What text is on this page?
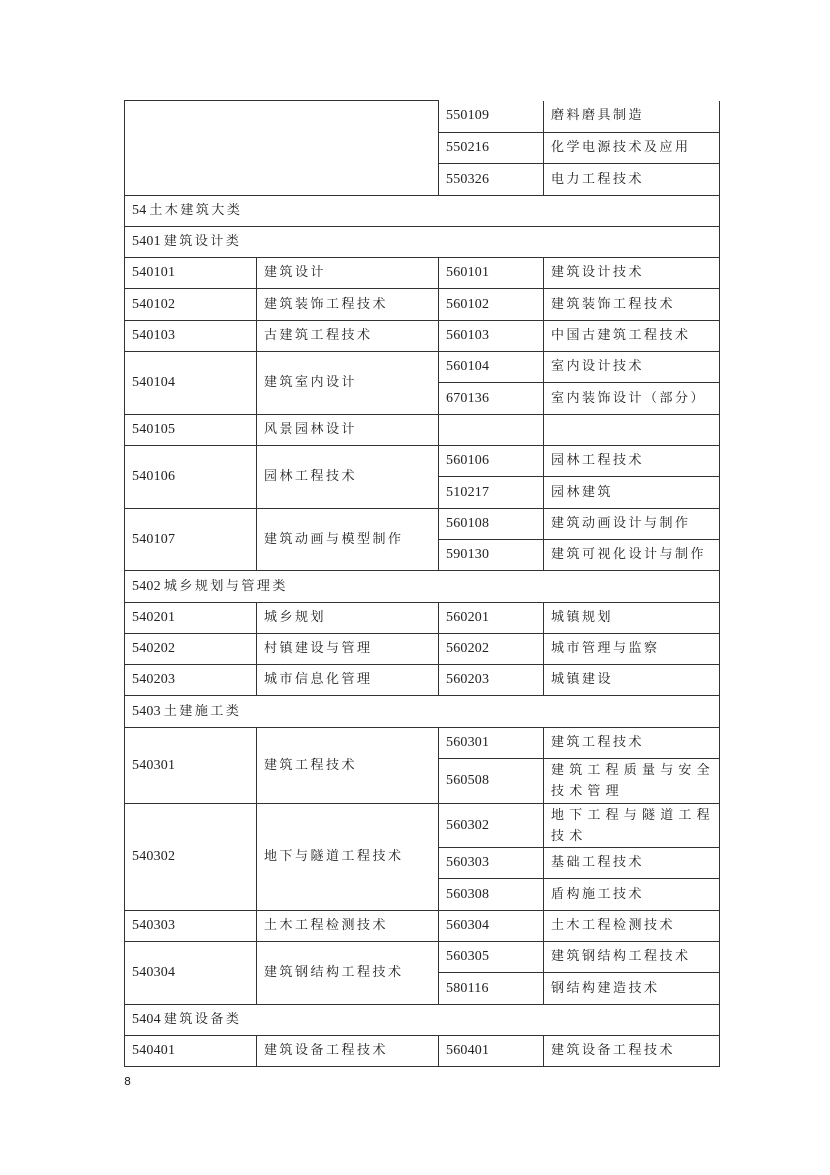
		550109	磨料磨具制造
		550216	化学电源技术及应用
		550326	电力工程技术
54 土木建筑大类			
5401 建筑设计类			
540101	建筑设计	560101	建筑设计技术
540102	建筑装饰工程技术	560102	建筑装饰工程技术
540103	古建筑工程技术	560103	中国古建筑工程技术
540104	建筑室内设计	560104	室内设计技术
		670136	室内装饰设计（部分）
540105	风景园林设计		
540106	园林工程技术	560106	园林工程技术
		510217	园林建筑
540107	建筑动画与模型制作	560108	建筑动画设计与制作
		590130	建筑可视化设计与制作
5402 城乡规划与管理类			
540201	城乡规划	560201	城镇规划
540202	村镇建设与管理	560202	城市管理与监察
540203	城市信息化管理	560203	城镇建设
5403 土建施工类			
540301	建筑工程技术	560301	建筑工程技术
		560508	建筑工程质量与安全技术管理
540302	地下与隧道工程技术	560302	地下工程与隧道工程技术
		560303	基础工程技术
		560308	盾构施工技术
540303	土木工程检测技术	560304	土木工程检测技术
540304	建筑钢结构工程技术	560305	建筑钢结构工程技术
		580116	钢结构建造技术
5404 建筑设备类			
540401	建筑设备工程技术	560401	建筑设备工程技术
8
